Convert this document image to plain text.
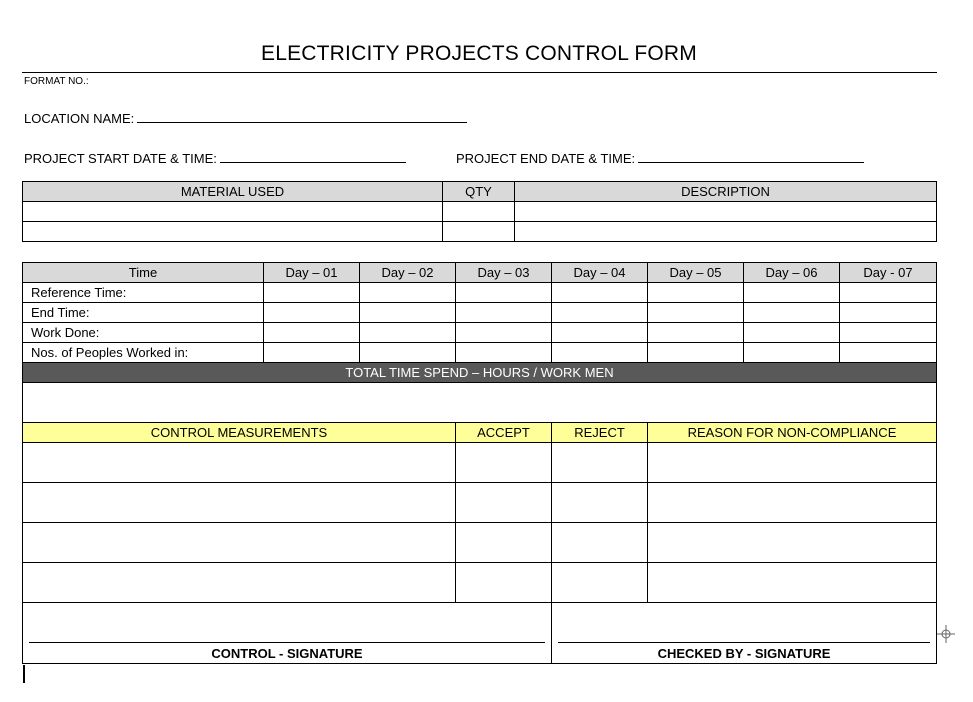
ELECTRICITY PROJECTS CONTROL FORM
FORMAT NO.:
LOCATION NAME:
PROJECT START DATE & TIME:	PROJECT END DATE & TIME:
MATERIAL USED	QTY	DESCRIPTION

Time	Day – 01	Day – 02	Day – 03	Day – 04	Day – 05	Day – 06	Day - 07
Reference Time:							
End Time:							
Work Done:							
Nos. of Peoples Worked in:							
TOTAL TIME SPEND – HOURS / WORK MEN							

CONTROL MEASUREMENTS			ACCEPT	REJECT	REASON FOR NON-COMPLIANCE		

CONTROL - SIGNATURE				CHECKED BY - SIGNATURE			
